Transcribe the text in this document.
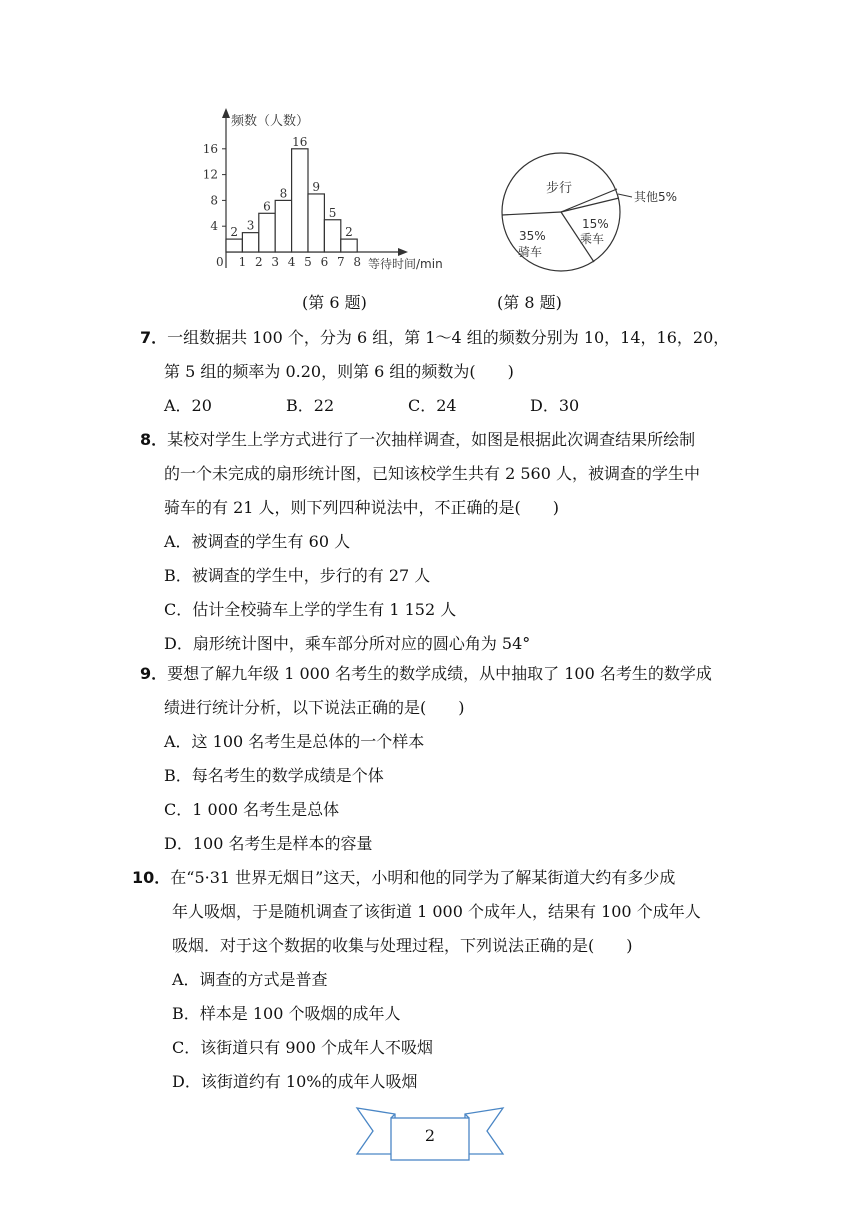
频数（人数）
等待时间/min
0
4
8
12
16
1 2 3 4 5 6 7 8
2 3
6
8
16
9
5
2
步行
其他5%
15%
乘车
35%
骑车
(第 6 题)	(第 8 题)
7．一组数据共 100 个，分为 6 组，第 1～4 组的频数分别为 10，14，16，20，
第 5 组的频率为 0.20，则第 6 组的频数为(　　)
A．20	B．22	C．24	D．30
8．某校对学生上学方式进行了一次抽样调查，如图是根据此次调查结果所绘制
的一个未完成的扇形统计图，已知该校学生共有 2 560 人，被调查的学生中
骑车的有 21 人，则下列四种说法中，不正确的是(　　)
A．被调查的学生有 60 人
B．被调查的学生中，步行的有 27 人
C．估计全校骑车上学的学生有 1 152 人
D．扇形统计图中，乘车部分所对应的圆心角为 54°
9．要想了解九年级 1 000 名考生的数学成绩，从中抽取了 100 名考生的数学成
绩进行统计分析，以下说法正确的是(　　)
A．这 100 名考生是总体的一个样本
B．每名考生的数学成绩是个体
C．1 000 名考生是总体
D．100 名考生是样本的容量
10．在“5·31 世界无烟日”这天，小明和他的同学为了解某街道大约有多少成
年人吸烟，于是随机调查了该街道 1 000 个成年人，结果有 100 个成年人
吸烟．对于这个数据的收集与处理过程，下列说法正确的是(　　)
A．调查的方式是普查
B．样本是 100 个吸烟的成年人
C．该街道只有 900 个成年人不吸烟
D．该街道约有 10%的成年人吸烟
2
